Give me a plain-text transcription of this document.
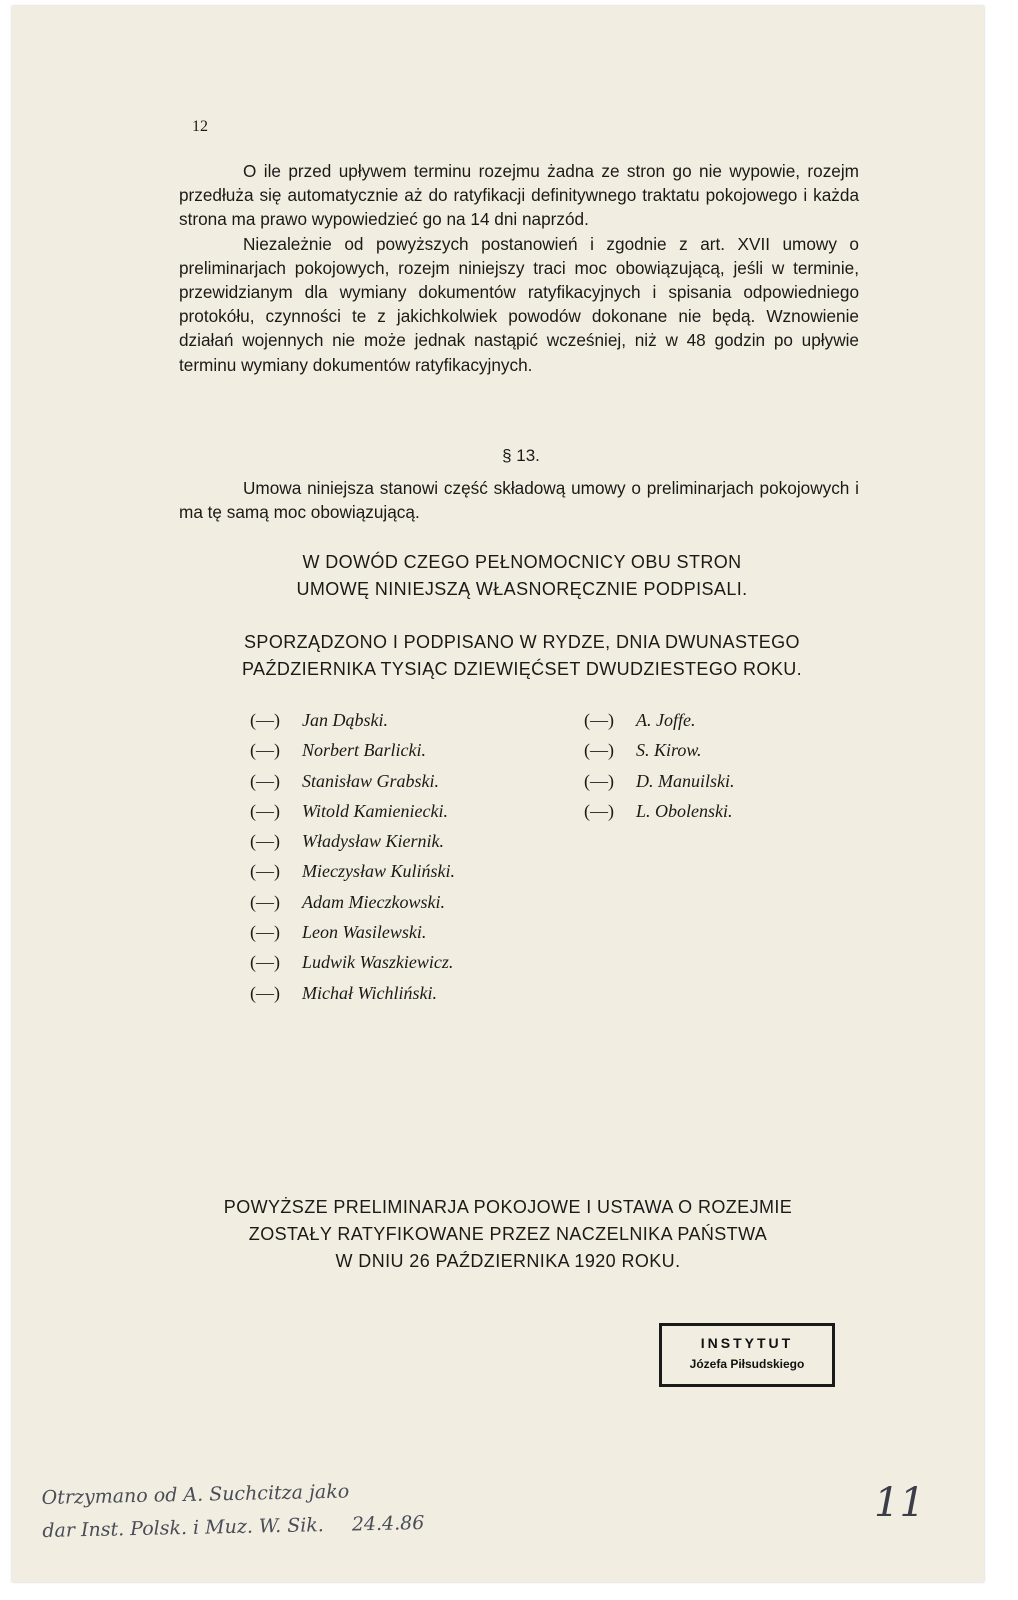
12

O ile przed upływem terminu rozejmu żadna ze stron go nie wypowie, rozejm przedłuża się automatycznie aż do ratyfikacji definitywnego traktatu pokojowego i każda strona ma prawo wypowiedzieć go na 14 dni naprzód.

Niezależnie od powyższych postanowień i zgodnie z art. XVII umowy o preliminarjach pokojowych, rozejm niniejszy traci moc obowiązującą, jeśli w terminie, przewidzianym dla wymiany dokumentów ratyfikacyjnych i spisania odpowiedniego protokółu, czynności te z jakichkolwiek powodów dokonane nie będą. Wznowienie działań wojennych nie może jednak nastąpić wcześniej, niż w 48 godzin po upływie terminu wymiany dokumentów ratyfikacyjnych.

§ 13.

Umowa niniejsza stanowi część składową umowy o preliminarjach pokojowych i ma tę samą moc obowiązującą.

W DOWÓD CZEGO PEŁNOMOCNICY OBU STRON
UMOWĘ NINIEJSZĄ WŁASNORĘCZNIE PODPISALI.
SPORZĄDZONO I PODPISANO W RYDZE, DNIA DWUNASTEGO
PAŹDZIERNIKA TYSIĄC DZIEWIĘĆSET DWUDZIESTEGO ROKU.
(—) Jan Dąbski.
(—) Norbert Barlicki.
(—) Stanisław Grabski.
(—) Witold Kamieniecki.
(—) Władysław Kiernik.
(—) Mieczysław Kuliński.
(—) Adam Mieczkowski.
(—) Leon Wasilewski.
(—) Ludwik Waszkiewicz.
(—) Michał Wichliński.
(—) A. Joffe.
(—) S. Kirow.
(—) D. Manuilski.
(—) L. Obolenski.
POWYŻSZE PRELIMINARJA POKOJOWE I USTAWA O ROZEJMIE
ZOSTAŁY RATYFIKOWANE PRZEZ NACZELNIKA PAŃSTWA
W DNIU 26 PAŹDZIERNIKA 1920 ROKU.
INSTYTUT
Józefa Piłsudskiego
Otrzymano od A. Suchcitza jako
dar Inst. Polsk. i Muz. W. Sik. 24.4.86	11
